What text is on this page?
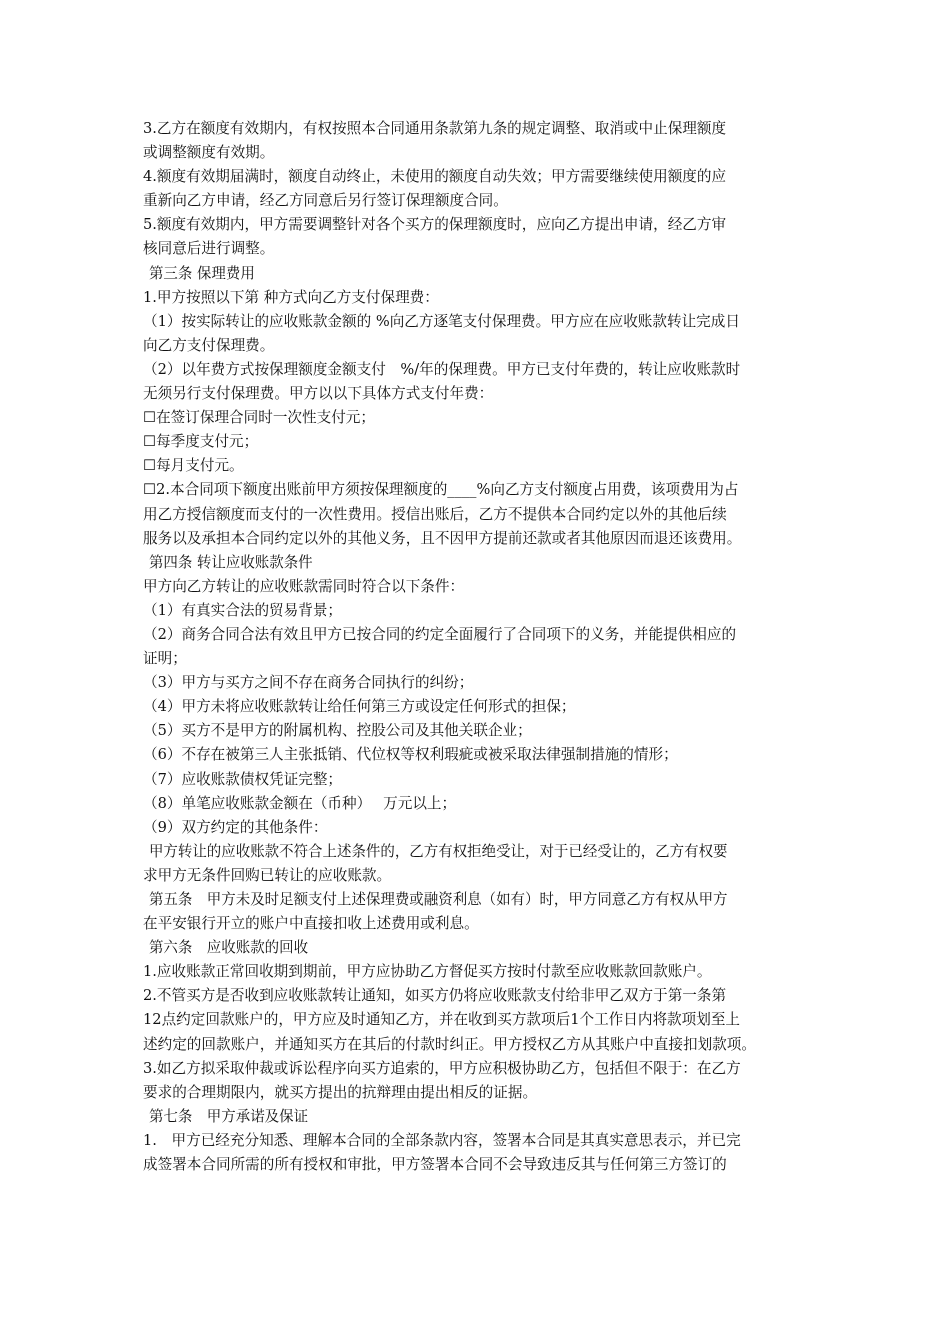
3.乙方在额度有效期内，有权按照本合同通用条款第九条的规定调整、取消或中止保理额度
或调整额度有效期。
4.额度有效期届满时，额度自动终止，未使用的额度自动失效；甲方需要继续使用额度的应
重新向乙方申请，经乙方同意后另行签订保理额度合同。
5.额度有效期内，甲方需要调整针对各个买方的保理额度时，应向乙方提出申请，经乙方审
核同意后进行调整。
第三条 保理费用
1.甲方按照以下第 种方式向乙方支付保理费：
（1）按实际转让的应收账款金额的 %向乙方逐笔支付保理费。甲方应在应收账款转让完成日
向乙方支付保理费。
（2）以年费方式按保理额度金额支付　%/年的保理费。甲方已支付年费的，转让应收账款时
无须另行支付保理费。甲方以以下具体方式支付年费：
☐在签订保理合同时一次性支付元；
☐每季度支付元；
☐每月支付元。
☐2.本合同项下额度出账前甲方须按保理额度的____%向乙方支付额度占用费，该项费用为占
用乙方授信额度而支付的一次性费用。授信出账后，乙方不提供本合同约定以外的其他后续
服务以及承担本合同约定以外的其他义务，且不因甲方提前还款或者其他原因而退还该费用。
第四条 转让应收账款条件
甲方向乙方转让的应收账款需同时符合以下条件：
（1）有真实合法的贸易背景；
（2）商务合同合法有效且甲方已按合同的约定全面履行了合同项下的义务，并能提供相应的
证明；
（3）甲方与买方之间不存在商务合同执行的纠纷；
（4）甲方未将应收账款转让给任何第三方或设定任何形式的担保；
（5）买方不是甲方的附属机构、控股公司及其他关联企业；
（6）不存在被第三人主张抵销、代位权等权利瑕疵或被采取法律强制措施的情形；
（7）应收账款债权凭证完整；
（8）单笔应收账款金额在（币种）　 万元以上；
（9）双方约定的其他条件：
甲方转让的应收账款不符合上述条件的，乙方有权拒绝受让，对于已经受让的，乙方有权要
求甲方无条件回购已转让的应收账款。
第五条　甲方未及时足额支付上述保理费或融资利息（如有）时，甲方同意乙方有权从甲方
在平安银行开立的账户中直接扣收上述费用或利息。
第六条　应收账款的回收
1.应收账款正常回收期到期前，甲方应协助乙方督促买方按时付款至应收账款回款账户。
2.不管买方是否收到应收账款转让通知，如买方仍将应收账款支付给非甲乙双方于第一条第
12点约定回款账户的，甲方应及时通知乙方，并在收到买方款项后1个工作日内将款项划至上
述约定的回款账户，并通知买方在其后的付款时纠正。甲方授权乙方从其账户中直接扣划款项。
3.如乙方拟采取仲裁或诉讼程序向买方追索的，甲方应积极协助乙方，包括但不限于：在乙方
要求的合理期限内，就买方提出的抗辩理由提出相反的证据。
第七条　甲方承诺及保证
1.　甲方已经充分知悉、理解本合同的全部条款内容，签署本合同是其真实意思表示，并已完
成签署本合同所需的所有授权和审批，甲方签署本合同不会导致违反其与任何第三方签订的
